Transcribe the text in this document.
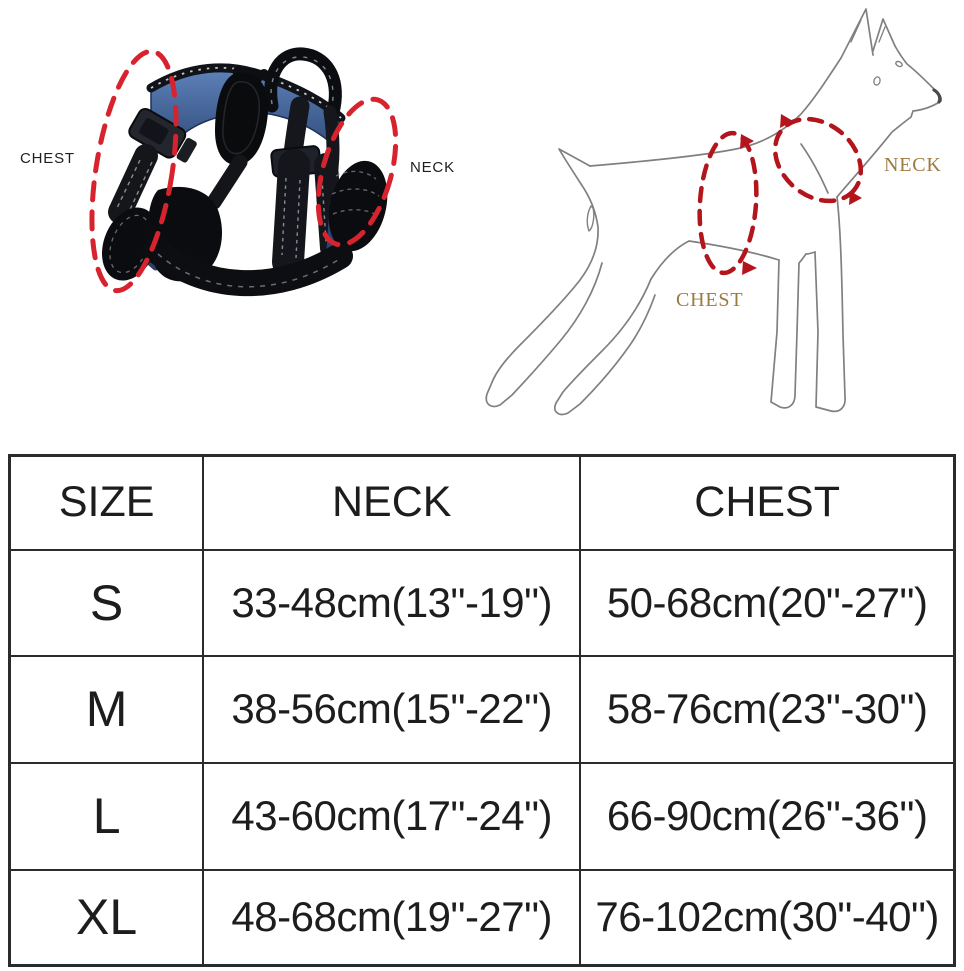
CHEST
NECK	NECK
CHEST
SIZE	NECK	CHEST
S	33-48cm(13"-19")	50-68cm(20"-27")
M	38-56cm(15"-22")	58-76cm(23"-30")
L	43-60cm(17"-24")	66-90cm(26"-36")
XL	48-68cm(19"-27")	76-102cm(30"-40")
